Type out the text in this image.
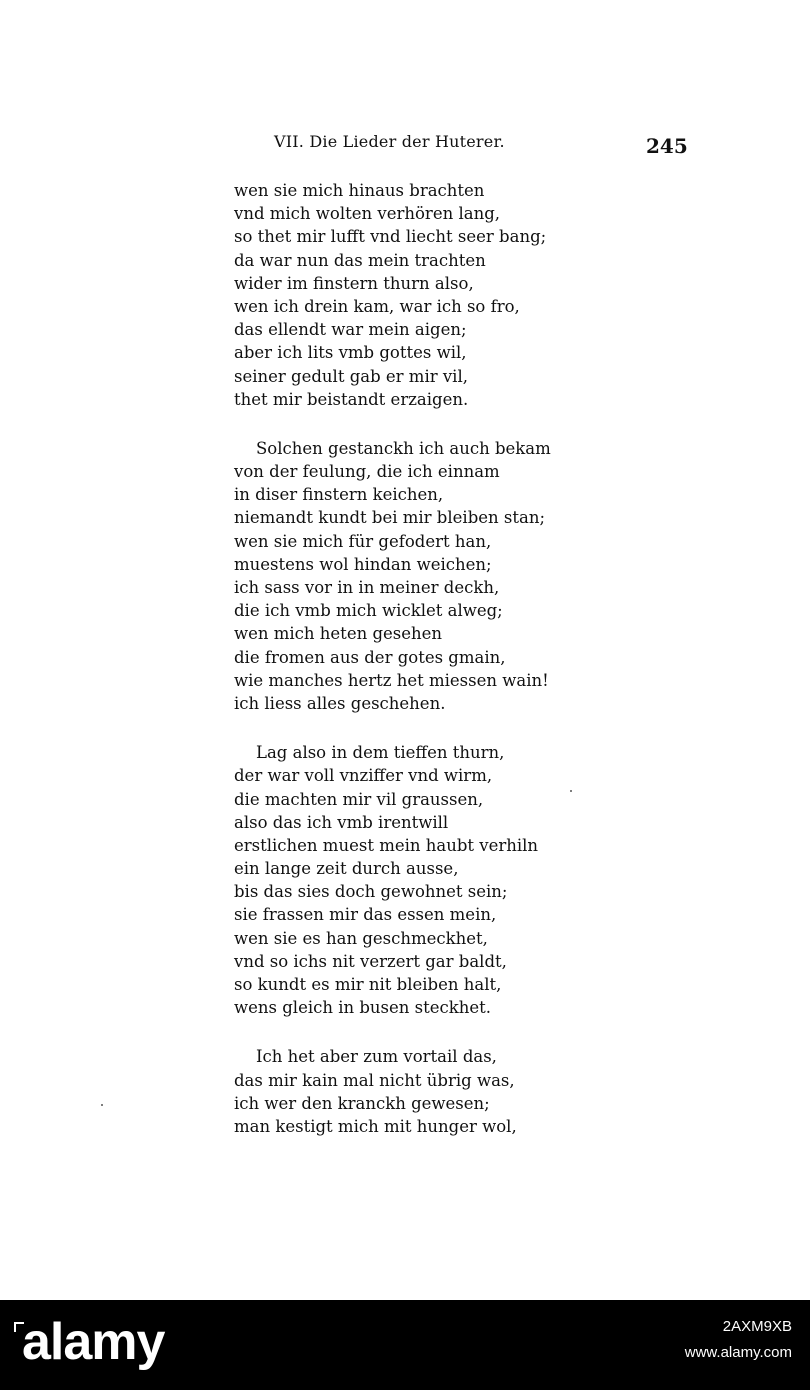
VII. Die Lieder der Huterer.	245
wen sie mich hinaus brachten
vnd mich wolten verhören lang,
so thet mir lufft vnd liecht seer bang;
da war nun das mein trachten
wider im finstern thurn also,
wen ich drein kam, war ich so fro,
das ellendt war mein aigen;
aber ich lits vmb gottes wil,
seiner gedult gab er mir vil,
thet mir beistandt erzaigen.
Solchen gestanckh ich auch bekam
von der feulung, die ich einnam
in diser finstern keichen,
niemandt kundt bei mir bleiben stan;
wen sie mich für gefodert han,
muestens wol hindan weichen;
ich sass vor in in meiner deckh,
die ich vmb mich wicklet alweg;
wen mich heten gesehen
die fromen aus der gotes gmain,
wie manches hertz het miessen wain!
ich liess alles geschehen.
Lag also in dem tieffen thurn,
der war voll vnziffer vnd wirm,
die machten mir vil graussen,
also das ich vmb irentwill
erstlichen muest mein haubt verhiln
ein lange zeit durch ausse,
bis das sies doch gewohnet sein;
sie frassen mir das essen mein,
wen sie es han geschmeckhet,
vnd so ichs nit verzert gar baldt,
so kundt es mir nit bleiben halt,
wens gleich in busen steckhet.
Ich het aber zum vortail das,
das mir kain mal nicht übrig was,
ich wer den kranckh gewesen;
man kestigt mich mit hunger wol,
alamy	2AXM9XB
www.alamy.com
